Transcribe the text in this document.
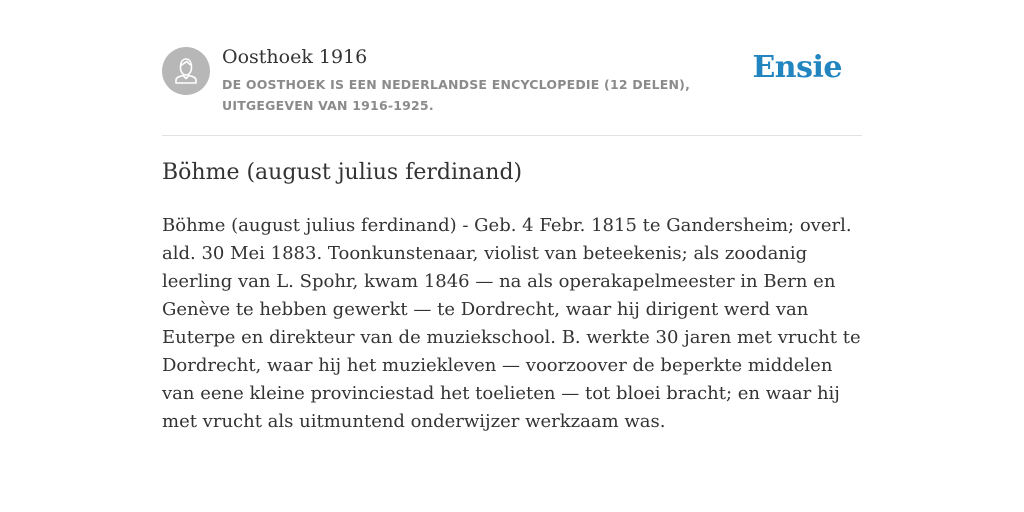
Oosthoek 1916
DE OOSTHOEK IS EEN NEDERLANDSE ENCYCLOPEDIE (12 DELEN), UITGEGEVEN VAN 1916-1925.
Ensie
Böhme (august julius ferdinand)

Böhme (august julius ferdinand) - Geb. 4 Febr. 1815 te Gandersheim; overl. ald. 30 Mei 1883. Toonkunstenaar, violist van beteekenis; als zoodanig leerling van L. Spohr, kwam 1846 — na als operakapelmeester in Bern en Genève te hebben gewerkt — te Dordrecht, waar hij dirigent werd van Euterpe en direkteur van de muziekschool. B. werkte 30 jaren met vrucht te Dordrecht, waar hij het muziekleven — voorzoover de beperkte middelen van eene kleine provinciestad het toelieten — tot bloei bracht; en waar hij met vrucht als uitmuntend onderwijzer werkzaam was.
